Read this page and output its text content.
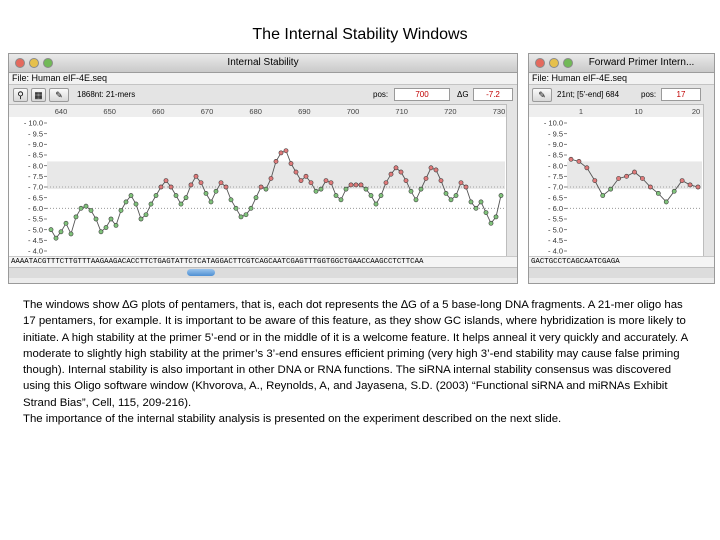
The Internal Stability Windows
Internal Stability
File: Human eIF-4E.seq
⚲	▦	✎	1868nt: 21-mers	pos:	700	ΔG	-7.2
640	650	660	670	680	690	700	710	720	730
- 10.0
- 9.5
- 9.0
- 8.5
- 8.0
- 7.5
- 7.0
- 6.5
- 6.0
- 5.5
- 5.0
- 4.5
- 4.0
AAAATACGTTTCTTGTTTAAGAAGACACCTTCTGAGTATTCTCATAGGACTTCGTCAGCAATCGAGTTTGGTGGCTGAACCAAGCCTCTTCAA
Forward Primer Intern...
File: Human eIF-4E.seq
✎	21nt; [5'-end] 684	pos:	17
1	10	20
- 10.0
- 9.5
- 9.0
- 8.5
- 8.0
- 7.5
- 7.0
- 6.5
- 6.0
- 5.5
- 5.0
- 4.5
- 4.0
GACTGCCTCAGCAATCGAGA

The windows show ∆G plots of pentamers, that is, each dot represents the ∆G of a 5 base-long DNA fragments. A 21-mer oligo has 17 pentamers, for example. It is important to be aware of this feature, as they show GC islands, where hybridization is more likely to initiate. A high stability at the primer 5’-end or in the middle of it is a welcome feature. It helps anneal it very quickly and accurately. A moderate to slightly high stability at the primer’s 3’-end ensures efficient priming (very high 3’-end stability may cause false priming though). Internal stability is also important in other DNA or RNA functions. The siRNA internal stability consensus was discovered using this Oligo software window (Khvorova, A., Reynolds, A, and Jayasena, S.D. (2003) “Functional siRNA and miRNAs Exhibit Strand Bias”, Cell, 115, 209-216).

The importance of the internal stability analysis is presented on the experiment described on the next slide.
